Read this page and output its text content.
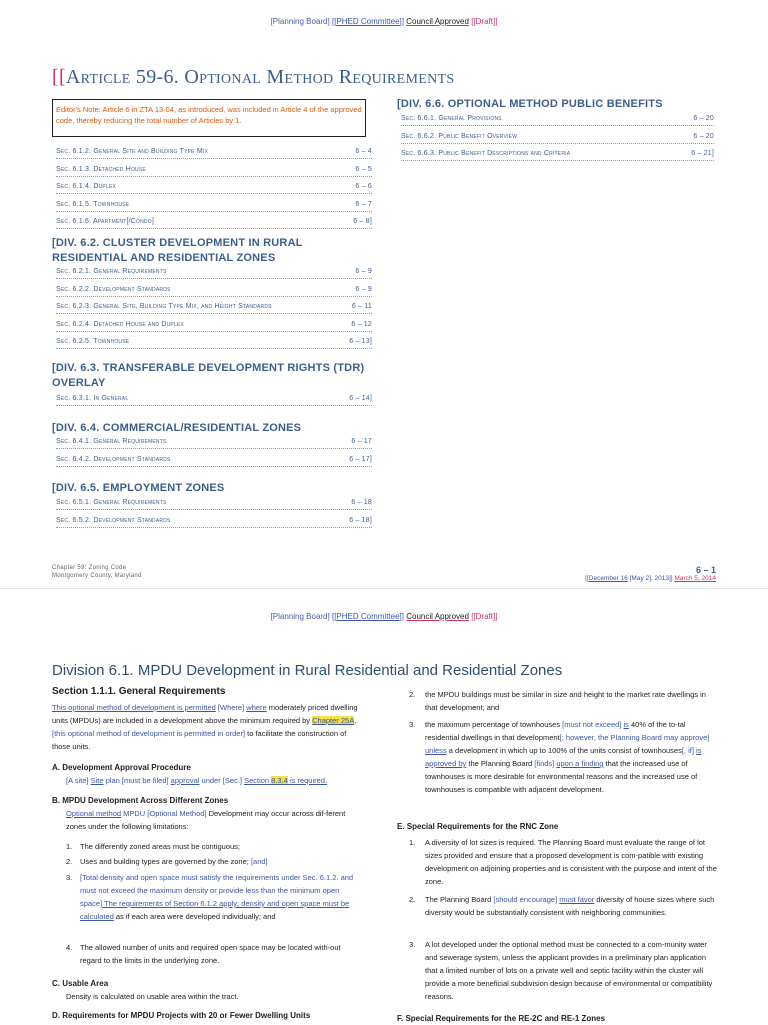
[Planning Board] [[PHED Committee]] Council Approved [[Draft]]
[[Article 59-6. Optional Method Requirements
Editor's Note: Article 6 in ZTA 13-04, as introduced, was included in Article 4 of the approved code, thereby reducing the total number of Articles by 1.
Sec. 6.1.2. General Site and Building Type Mix	6 – 4
Sec. 6.1.3. Detached House	6 – 5
Sec. 6.1.4. Duplex	6 – 6
Sec. 6.1.5. Townhouse	6 – 7
Sec. 6.1.6. Apartment[/Condo]	6 – 8]
[DIV. 6.2. CLUSTER DEVELOPMENT IN RURAL
RESIDENTIAL AND RESIDENTIAL ZONES
Sec. 6.2.1. General Requirements	6 – 9
Sec. 6.2.2. Development Standards	6 – 9
Sec. 6.2.3. General Site, Building Type Mix, and Height Standards	6 – 11
Sec. 6.2.4. Detached House and Duplex	6 – 12
Sec. 6.2.5. Townhouse	6 – 13]
[DIV. 6.3. TRANSFERABLE DEVELOPMENT RIGHTS (TDR)
OVERLAY
Sec. 6.3.1. In General	6 – 14]
[DIV. 6.4. COMMERCIAL/RESIDENTIAL ZONES
Sec. 6.4.1. General Requirements	6 – 17
Sec. 6.4.2. Development Standards	6 – 17]
[DIV. 6.5. EMPLOYMENT ZONES
Sec. 6.5.1. General Requirements	6 – 18
Sec. 6.5.2. Development Standards	6 – 18]
[DIV. 6.6. OPTIONAL METHOD PUBLIC BENEFITS
Sec. 6.6.1. General Provisions	6 – 20
Sec. 6.6.2. Public Benefit Overview	6 – 20
Sec. 6.6.3. Public Benefit Descriptions and Criteria	6 – 21]
Chapter 59: Zoning Code
Montgomery County, Maryland
6 – 1
[[December 16 [May 2], 2013]] March 5, 2014
[Planning Board] [[PHED Committee]] Council Approved [[Draft]]
Division 6.1. MPDU Development in Rural Residential and Residential Zones
Section 1.1.1. General Requirements
This optional method of development is permitted [Where] where moderately priced dwelling units (MPDUs) are included in a development above the minimum required by Chapter 25A, [this optional method of development is permitted in order] to facilitate the construction of those units.
A. Development Approval Procedure
[A site] Site plan [must be filed] approval under [Sec.] Section 8.3.4 is required.
B. MPDU Development Across Different Zones
Optional method MPDU [Optional Method] Development may occur across dif-ferent zones under the following limitations:
1.	The differently zoned areas must be contiguous;
2.	Uses and building types are governed by the zone; [and]
3.	[Total density and open space must satisfy the requirements under Sec. 6.1.2. and must not exceed the maximum density or provide less than the minimum open space] The requirements of Section 6.1.2 apply; density and open space must be calculated as if each area were developed individually; and
4.	The allowed number of units and required open space may be located with-out regard to the limits in the underlying zone.
C. Usable Area
Density is calculated on usable area within the tract.
D. Requirements for MPDU Projects with 20 or Fewer Dwelling Units
2.	the MPDU buildings must be similar in size and height to the market rate dwellings in that development; and
3.	the maximum percentage of townhouses [must not exceed] is 40% of the to-tal residential dwellings in that development[; however, the Planning Board may approve] unless a development in which up to 100% of the units consist of townhouses[, if] is approved by the Planning Board [finds] upon a finding that the increased use of townhouses is more desirable for environmental reasons and the increased use of townhouses is compatible with adjacent development.
E. Special Requirements for the RNC Zone
1.	A diversity of lot sizes is required. The Planning Board must evaluate the range of lot sizes provided and ensure that a proposed development is com-patible with existing development on adjoining properties and is consistent with the purpose and intent of the zone.
2.	The Planning Board [should encourage] must favor diversity of house sizes where such diversity would be substantially consistent with neighboring communities.
3.	A lot developed under the optional method must be connected to a com-munity water and sewerage system, unless the applicant provides in a preliminary plan application that a limited number of lots on a private well and septic facility within the cluster will provide a more beneficial subdivision design because of environmental or compatibility reasons.
F. Special Requirements for the RE-2C and RE-1 Zones
